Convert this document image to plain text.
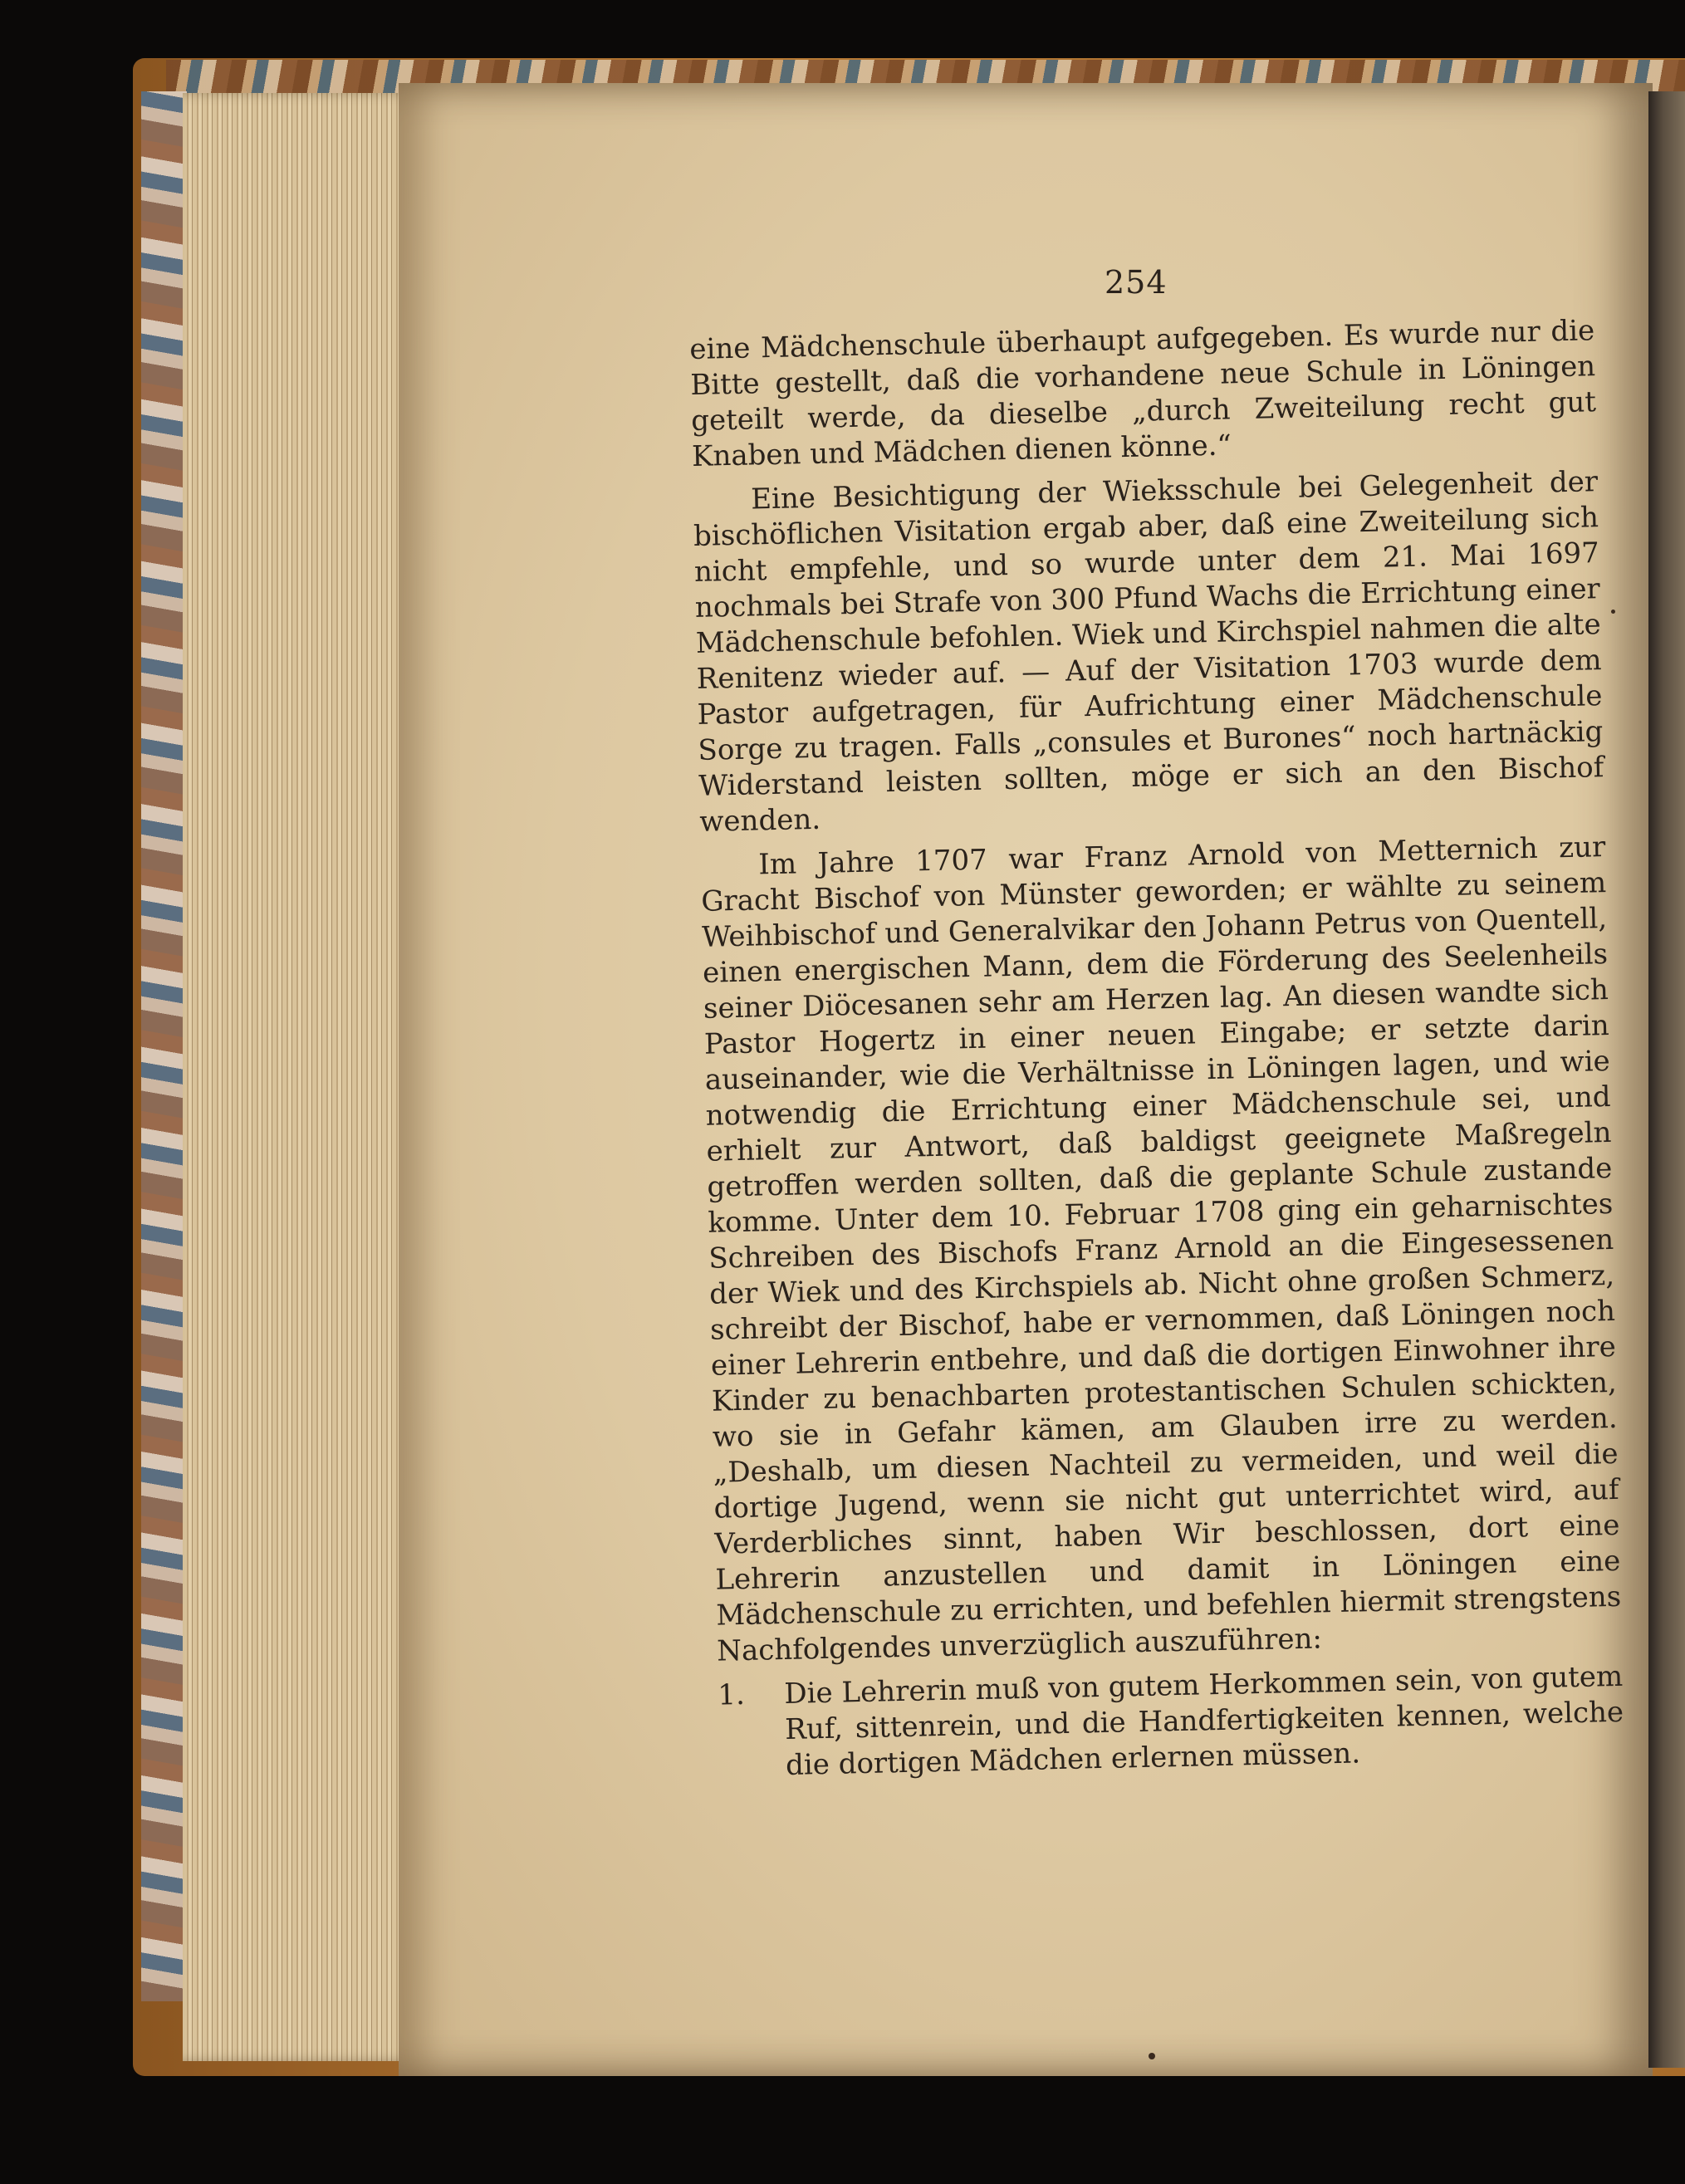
254

eine Mädchenschule überhaupt aufgegeben. Es wurde nur die Bitte gestellt, daß die vorhandene neue Schule in Löningen geteilt werde, da dieselbe „durch Zweiteilung recht gut Knaben und Mädchen dienen könne.“

Eine Besichtigung der Wieksschule bei Gelegenheit der bischöflichen Visitation ergab aber, daß eine Zweiteilung sich nicht empfehle, und so wurde unter dem 21. Mai 1697 nochmals bei Strafe von 300 Pfund Wachs die Errichtung einer Mädchenschule befohlen. Wiek und Kirchspiel nahmen die alte Renitenz wieder auf. — Auf der Visitation 1703 wurde dem Pastor aufgetragen, für Aufrichtung einer Mädchenschule Sorge zu tragen. Falls „consules et Burones“ noch hartnäckig Widerstand leisten sollten, möge er sich an den Bischof wenden.

Im Jahre 1707 war Franz Arnold von Metternich zur Gracht Bischof von Münster geworden; er wählte zu seinem Weihbischof und Generalvikar den Johann Petrus von Quentell, einen energischen Mann, dem die Förderung des Seelenheils seiner Diöcesanen sehr am Herzen lag. An diesen wandte sich Pastor Hogertz in einer neuen Eingabe; er setzte darin auseinander, wie die Verhältnisse in Löningen lagen, und wie notwendig die Errichtung einer Mädchenschule sei, und erhielt zur Antwort, daß baldigst geeignete Maßregeln getroffen werden sollten, daß die geplante Schule zustande komme. Unter dem 10. Februar 1708 ging ein geharnischtes Schreiben des Bischofs Franz Arnold an die Eingesessenen der Wiek und des Kirchspiels ab. Nicht ohne großen Schmerz, schreibt der Bischof, habe er vernommen, daß Löningen noch einer Lehrerin entbehre, und daß die dortigen Einwohner ihre Kinder zu benachbarten protestantischen Schulen schickten, wo sie in Gefahr kämen, am Glauben irre zu werden. „Deshalb, um diesen Nachteil zu vermeiden, und weil die dortige Jugend, wenn sie nicht gut unterrichtet wird, auf Verderbliches sinnt, haben Wir beschlossen, dort eine Lehrerin anzustellen und damit in Löningen eine Mädchenschule zu errichten, und befehlen hiermit strengstens Nachfolgendes unverzüglich auszuführen:

1.	Die Lehrerin muß von gutem Herkommen sein, von gutem Ruf, sittenrein, und die Handfertigkeiten kennen, welche die dortigen Mädchen erlernen müssen.
